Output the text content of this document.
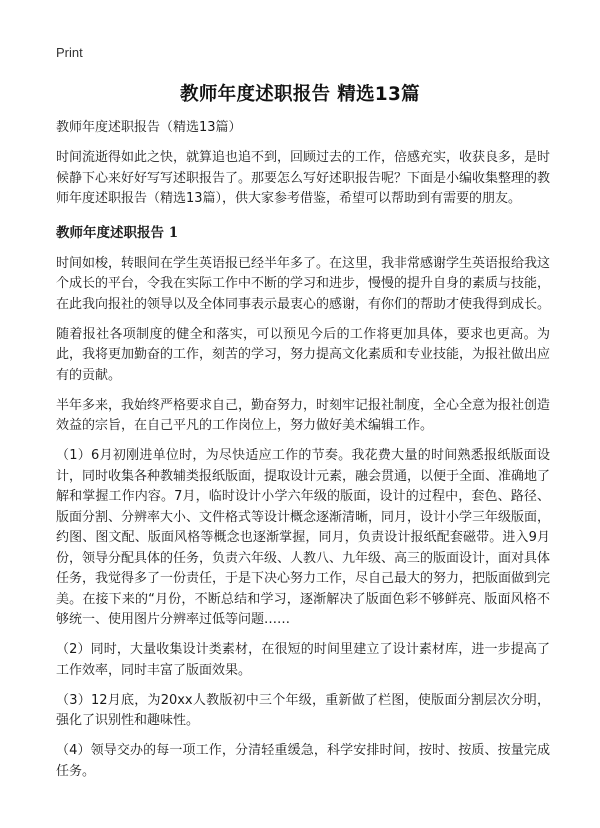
Print
教师年度述职报告 精选13篇
教师年度述职报告（精选13篇）

时间流逝得如此之快，就算追也追不到，回顾过去的工作，倍感充实，收获良多，是时候静下心来好好写写述职报告了。那要怎么写好述职报告呢？下面是小编收集整理的教师年度述职报告（精选13篇），供大家参考借鉴，希望可以帮助到有需要的朋友。

教师年度述职报告 1

时间如梭，转眼间在学生英语报已经半年多了。在这里，我非常感谢学生英语报给我这个成长的平台，令我在实际工作中不断的学习和进步，慢慢的提升自身的素质与技能，在此我向报社的领导以及全体同事表示最衷心的感谢，有你们的帮助才使我得到成长。

随着报社各项制度的健全和落实，可以预见今后的工作将更加具体，要求也更高。为此，我将更加勤奋的工作，刻苦的学习，努力提高文化素质和专业技能，为报社做出应有的贡献。

半年多来，我始终严格要求自己，勤奋努力，时刻牢记报社制度，全心全意为报社创造效益的宗旨，在自己平凡的工作岗位上，努力做好美术编辑工作。

（1）6月初刚进单位时，为尽快适应工作的节奏。我花费大量的时间熟悉报纸版面设计，同时收集各种教辅类报纸版面，提取设计元素，融会贯通，以便于全面、准确地了解和掌握工作内容。7月，临时设计小学六年级的版面，设计的过程中，套色、路径、版面分割、分辨率大小、文件格式等设计概念逐渐清晰，同月，设计小学三年级版面，约图、图文配、版面风格等概念也逐渐掌握，同月，负责设计报纸配套磁带。进入9月份，领导分配具体的任务，负责六年级、人教八、九年级、高三的版面设计，面对具体任务，我觉得多了一份责任，于是下决心努力工作，尽自己最大的努力，把版面做到完美。在接下来的“月份，不断总结和学习，逐渐解决了版面色彩不够鲜亮、版面风格不够统一、使用图片分辨率过低等问题……

（2）同时，大量收集设计类素材，在很短的时间里建立了设计素材库，进一步提高了工作效率，同时丰富了版面效果。

（3）12月底，为20xx人教版初中三个年级，重新做了栏图，使版面分割层次分明，强化了识别性和趣味性。

（4）领导交办的每一项工作，分清轻重缓急，科学安排时间，按时、按质、按量完成任务。
